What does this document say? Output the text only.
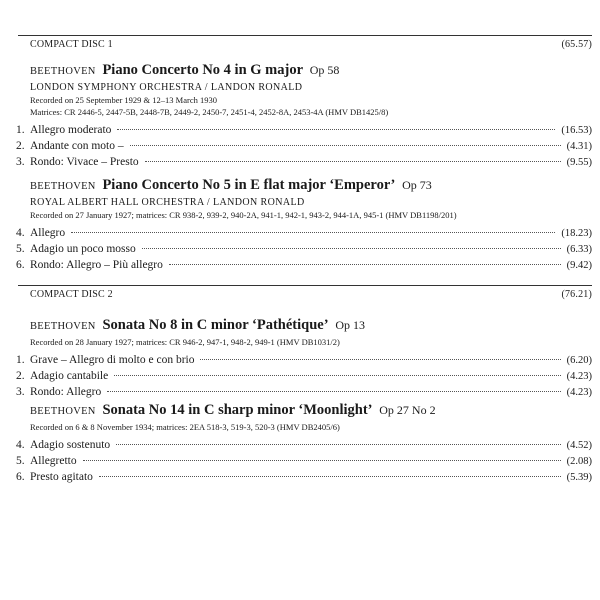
COMPACT DISC 1	(65.57)
BEETHOVEN Piano Concerto No 4 in G major Op 58
LONDON SYMPHONY ORCHESTRA / LANDON RONALD
Recorded on 25 September 1929 & 12–13 March 1930
Matrices: CR 2446-5, 2447-5B, 2448-7B, 2449-2, 2450-7, 2451-4, 2452-8A, 2453-4A (HMV DB1425/8)
1. Allegro moderato	(16.53)
2. Andante con moto –	(4.31)
3. Rondo: Vivace – Presto	(9.55)
BEETHOVEN Piano Concerto No 5 in E flat major ‘Emperor’ Op 73
ROYAL ALBERT HALL ORCHESTRA / LANDON RONALD
Recorded on 27 January 1927; matrices: CR 938-2, 939-2, 940-2A, 941-1, 942-1, 943-2, 944-1A, 945-1 (HMV DB1198/201)
4. Allegro	(18.23)
5. Adagio un poco mosso	(6.33)
6. Rondo: Allegro – Più allegro	(9.42)
COMPACT DISC 2	(76.21)
BEETHOVEN Sonata No 8 in C minor ‘Pathétique’ Op 13
Recorded on 28 January 1927; matrices: CR 946-2, 947-1, 948-2, 949-1 (HMV DB1031/2)
1. Grave – Allegro di molto e con brio	(6.20)
2. Adagio cantabile	(4.23)
3. Rondo: Allegro	(4.23)
BEETHOVEN Sonata No 14 in C sharp minor ‘Moonlight’ Op 27 No 2
Recorded on 6 & 8 November 1934; matrices: 2EA 518-3, 519-3, 520-3 (HMV DB2405/6)
4. Adagio sostenuto	(4.52)
5. Allegretto	(2.08)
6. Presto agitato	(5.39)
